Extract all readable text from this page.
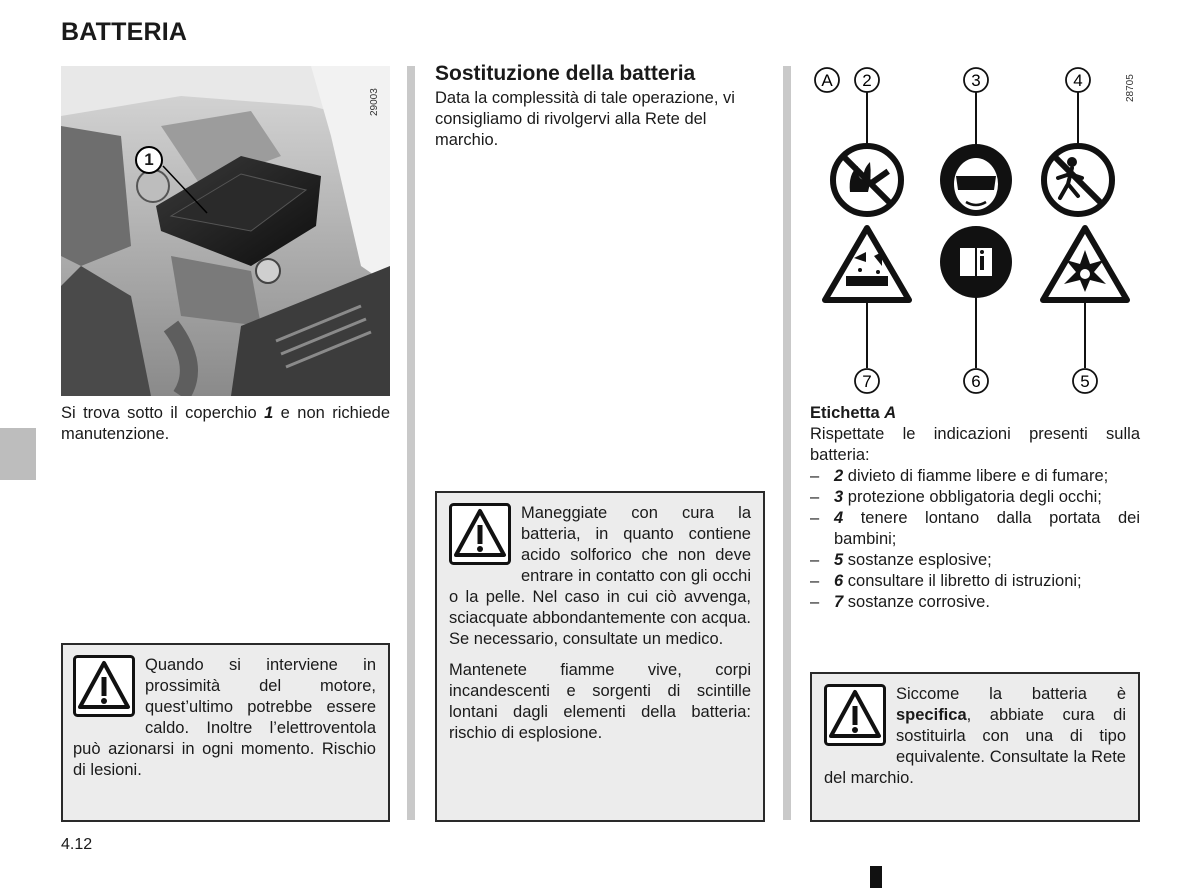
BATTERIA
29003
1
Si trova sotto il coperchio 1 e non richiede manutenzione.

Quando si interviene in prossimità del motore, quest’ultimo potrebbe essere caldo. Inoltre l’elettroventola può azionarsi in ogni momento. Rischio di lesioni.

Sostituzione della batteria
Data la complessità di tale operazione, vi consigliamo di rivolgervi alla Rete del marchio.

Maneggiate con cura la batteria, in quanto contiene acido solforico che non deve entrare in contatto con gli occhi o la pelle. Nel caso in cui ciò avvenga, sciacquate abbondantemente con acqua. Se necessario, consultate un medico.

Mantenete fiamme vive, corpi incandescenti e sorgenti di scintille lontani dagli elementi della batteria: rischio di esplosione.

A 2	3	4
7	6	5
28705
Etichetta A
Rispettate le indicazioni presenti sulla batteria:
– 2 divieto di fiamme libere e di fumare;
– 3 protezione obbligatoria degli occhi;
– 4 tenere lontano dalla portata dei bambini;
– 5 sostanze esplosive;
– 6 consultare il libretto di istruzioni;
– 7 sostanze corrosive.

Siccome la batteria è specifica, abbiate cura di sostituirla con una di tipo equivalente. Consultate la Rete del marchio.

4.12
